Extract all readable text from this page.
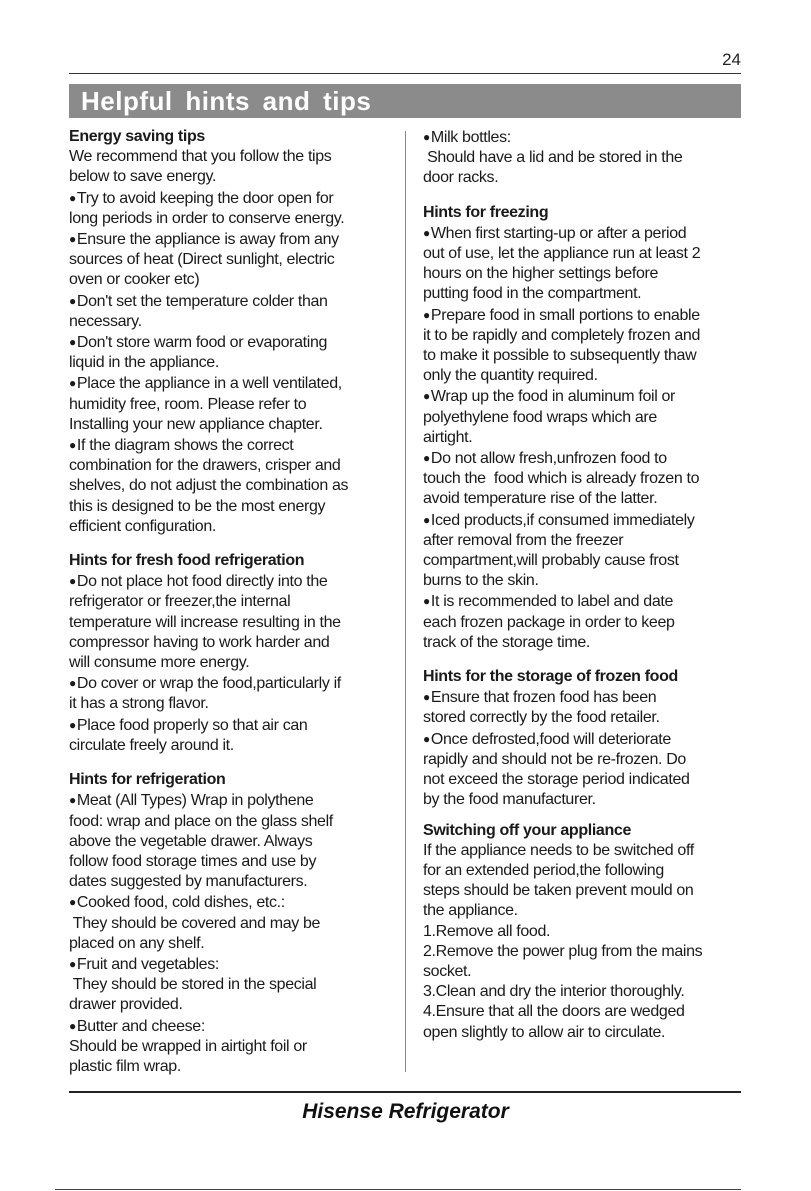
24
Helpful hints and tips
Energy saving tips
We recommend that you follow the tips
below to save energy.
●Try to avoid keeping the door open for
long periods in order to conserve energy.
●Ensure the appliance is away from any
sources of heat (Direct sunlight, electric
oven or cooker etc)
●Don't set the temperature colder than
necessary.
●Don't store warm food or evaporating
liquid in the appliance.
●Place the appliance in a well ventilated,
humidity free, room. Please refer to
Installing your new appliance chapter.
●If the diagram shows the correct
combination for the drawers, crisper and
shelves, do not adjust the combination as
this is designed to be the most energy
efficient configuration.
Hints for fresh food refrigeration
●Do not place hot food directly into the
refrigerator or freezer,the internal
temperature will increase resulting in the
compressor having to work harder and
will consume more energy.
●Do cover or wrap the food,particularly if
it has a strong flavor.
●Place food properly so that air can
circulate freely around it.
Hints for refrigeration
●Meat (All Types) Wrap in polythene
food: wrap and place on the glass shelf
above the vegetable drawer. Always
follow food storage times and use by
dates suggested by manufacturers.
●Cooked food, cold dishes, etc.:
They should be covered and may be
placed on any shelf.
●Fruit and vegetables:
They should be stored in the special
drawer provided.
●Butter and cheese:
Should be wrapped in airtight foil or
plastic film wrap.
●Milk bottles:
Should have a lid and be stored in the
door racks.
Hints for freezing
●When first starting-up or after a period
out of use, let the appliance run at least 2
hours on the higher settings before
putting food in the compartment.
●Prepare food in small portions to enable
it to be rapidly and completely frozen and
to make it possible to subsequently thaw
only the quantity required.
●Wrap up the food in aluminum foil or
polyethylene food wraps which are
airtight.
●Do not allow fresh,unfrozen food to
touch the  food which is already frozen to
avoid temperature rise of the latter.
●Iced products,if consumed immediately
after removal from the freezer
compartment,will probably cause frost
burns to the skin.
●It is recommended to label and date
each frozen package in order to keep
track of the storage time.
Hints for the storage of frozen food
●Ensure that frozen food has been
stored correctly by the food retailer.
●Once defrosted,food will deteriorate
rapidly and should not be re-frozen. Do
not exceed the storage period indicated
by the food manufacturer.
Switching off your appliance
If the appliance needs to be switched off
for an extended period,the following
steps should be taken prevent mould on
the appliance.
1.Remove all food.
2.Remove the power plug from the mains
socket.
3.Clean and dry the interior thoroughly.
4.Ensure that all the doors are wedged
open slightly to allow air to circulate.
Hisense Refrigerator
